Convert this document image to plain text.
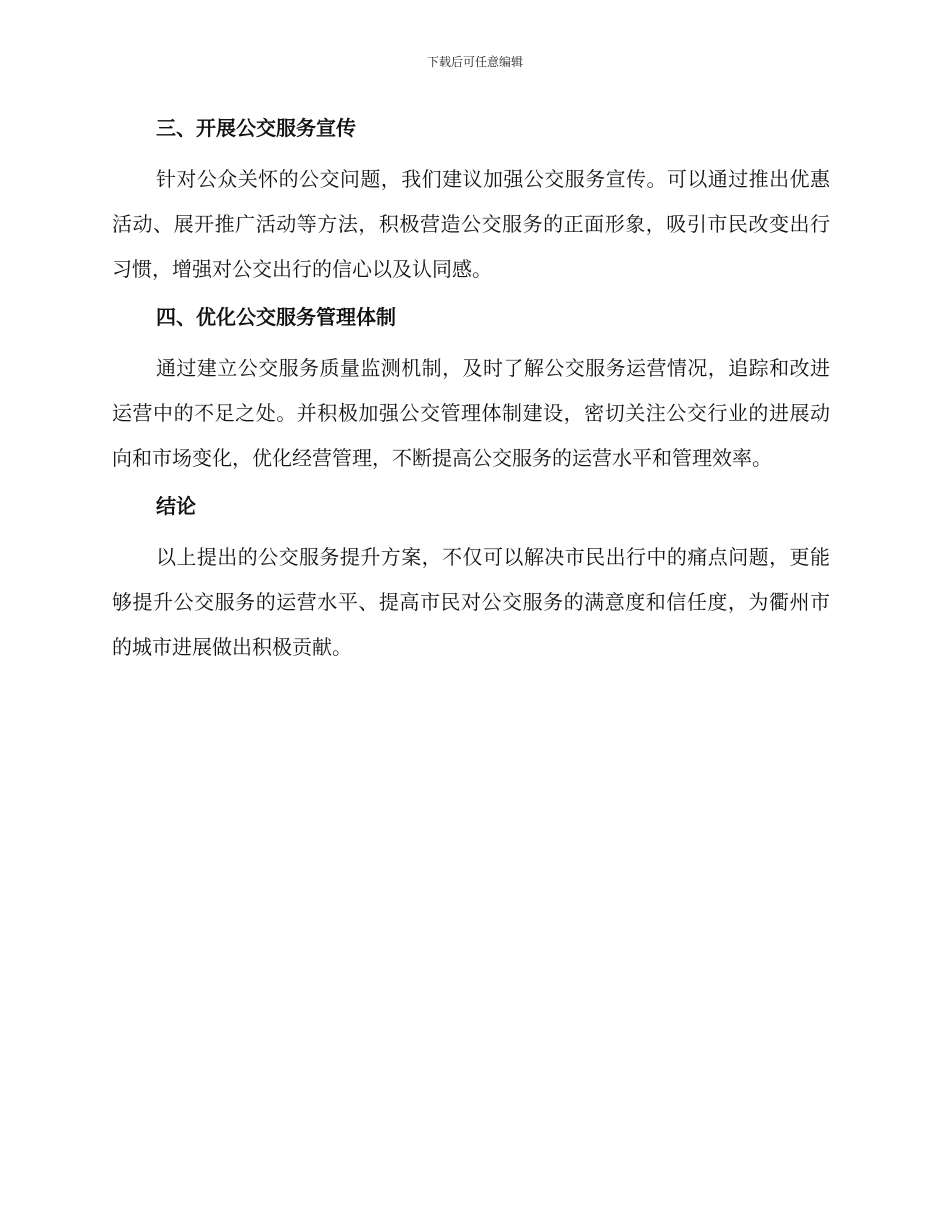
下载后可任意编辑
三、开展公交服务宣传

针对公众关怀的公交问题，我们建议加强公交服务宣传。可以通过推出优惠活动、展开推广活动等方法，积极营造公交服务的正面形象，吸引市民改变出行习惯，增强对公交出行的信心以及认同感。

四、优化公交服务管理体制

通过建立公交服务质量监测机制，及时了解公交服务运营情况，追踪和改进运营中的不足之处。并积极加强公交管理体制建设，密切关注公交行业的进展动向和市场变化，优化经营管理，不断提高公交服务的运营水平和管理效率。

结论

以上提出的公交服务提升方案，不仅可以解决市民出行中的痛点问题，更能够提升公交服务的运营水平、提高市民对公交服务的满意度和信任度，为衢州市的城市进展做出积极贡献。
